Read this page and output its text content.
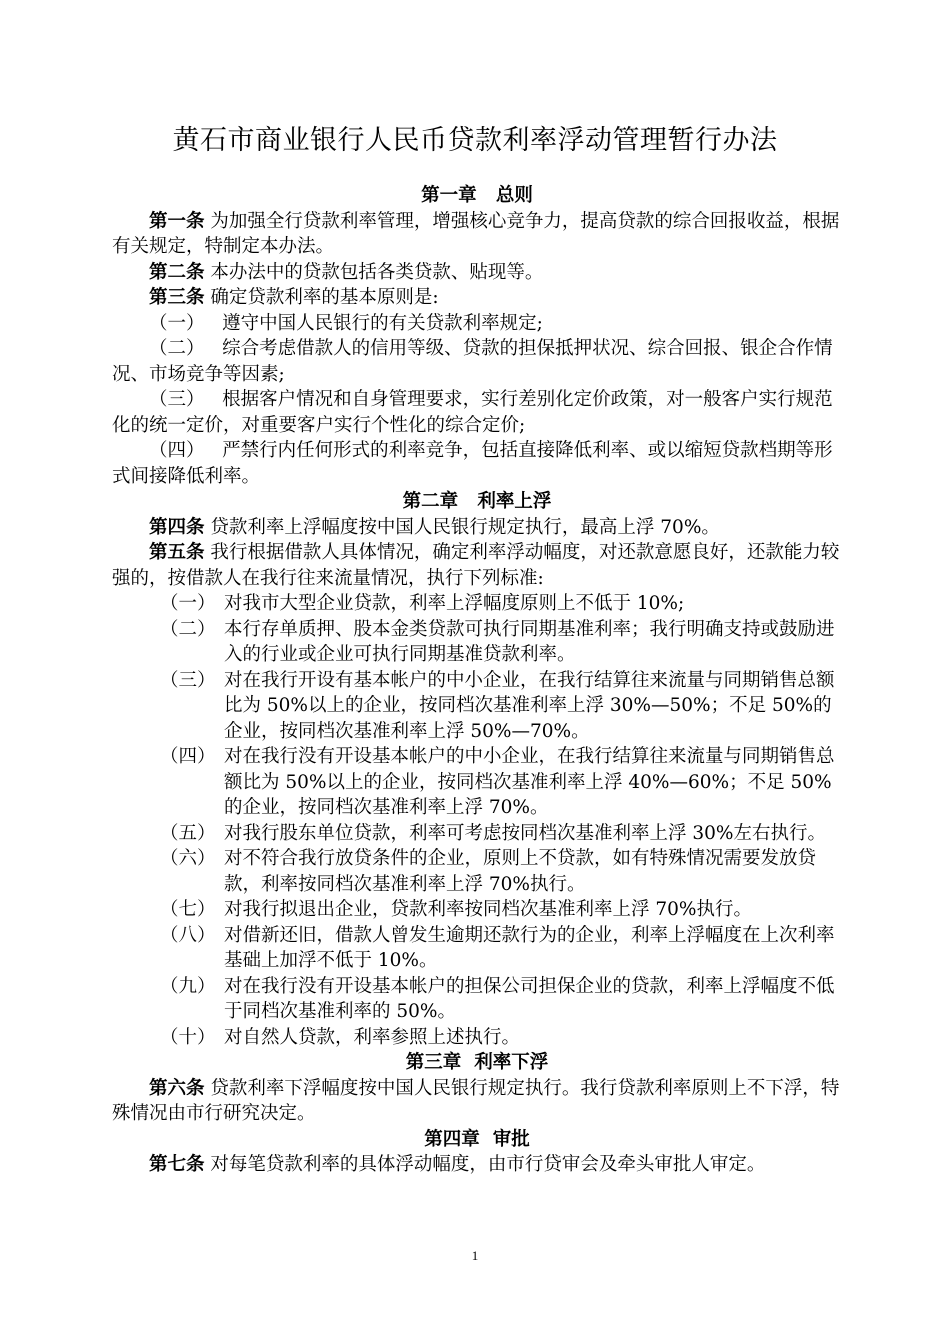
黄石市商业银行人民币贷款利率浮动管理暂行办法

第一章 总则

第一条 为加强全行贷款利率管理，增强核心竞争力，提高贷款的综合回报收益，根据有关规定，特制定本办法。

第二条 本办法中的贷款包括各类贷款、贴现等。

第三条 确定贷款利率的基本原则是:

（一） 遵守中国人民银行的有关贷款利率规定;

（二） 综合考虑借款人的信用等级、贷款的担保抵押状况、综合回报、银企合作情况、市场竞争等因素;

（三） 根据客户情况和自身管理要求，实行差别化定价政策，对一般客户实行规范化的统一定价，对重要客户实行个性化的综合定价;

（四） 严禁行内任何形式的利率竞争，包括直接降低利率、或以缩短贷款档期等形式间接降低利率。

第二章 利率上浮

第四条 贷款利率上浮幅度按中国人民银行规定执行，最高上浮 70%。

第五条 我行根据借款人具体情况，确定利率浮动幅度，对还款意愿良好，还款能力较强的，按借款人在我行往来流量情况，执行下列标准:

（一） 对我市大型企业贷款，利率上浮幅度原则上不低于 10%;
（二） 本行存单质押、股本金类贷款可执行同期基准利率；我行明确支持或鼓励进入的行业或企业可执行同期基准贷款利率。
（三） 对在我行开设有基本帐户的中小企业，在我行结算往来流量与同期销售总额比为 50%以上的企业，按同档次基准利率上浮 30%—50%；不足 50%的企业，按同档次基准利率上浮 50%—70%。
（四） 对在我行没有开设基本帐户的中小企业，在我行结算往来流量与同期销售总额比为 50%以上的企业，按同档次基准利率上浮 40%—60%；不足 50%的企业，按同档次基准利率上浮 70%。
（五） 对我行股东单位贷款，利率可考虑按同档次基准利率上浮 30%左右执行。
（六） 对不符合我行放贷条件的企业，原则上不贷款，如有特殊情况需要发放贷款，利率按同档次基准利率上浮 70%执行。
（七） 对我行拟退出企业，贷款利率按同档次基准利率上浮 70%执行。
（八） 对借新还旧，借款人曾发生逾期还款行为的企业，利率上浮幅度在上次利率基础上加浮不低于 10%。
（九） 对在我行没有开设基本帐户的担保公司担保企业的贷款，利率上浮幅度不低于同档次基准利率的 50%。
（十） 对自然人贷款，利率参照上述执行。

第三章 利率下浮

第六条 贷款利率下浮幅度按中国人民银行规定执行。我行贷款利率原则上不下浮，特殊情况由市行研究决定。

第四章 审批

第七条 对每笔贷款利率的具体浮动幅度，由市行贷审会及牵头审批人审定。

1
